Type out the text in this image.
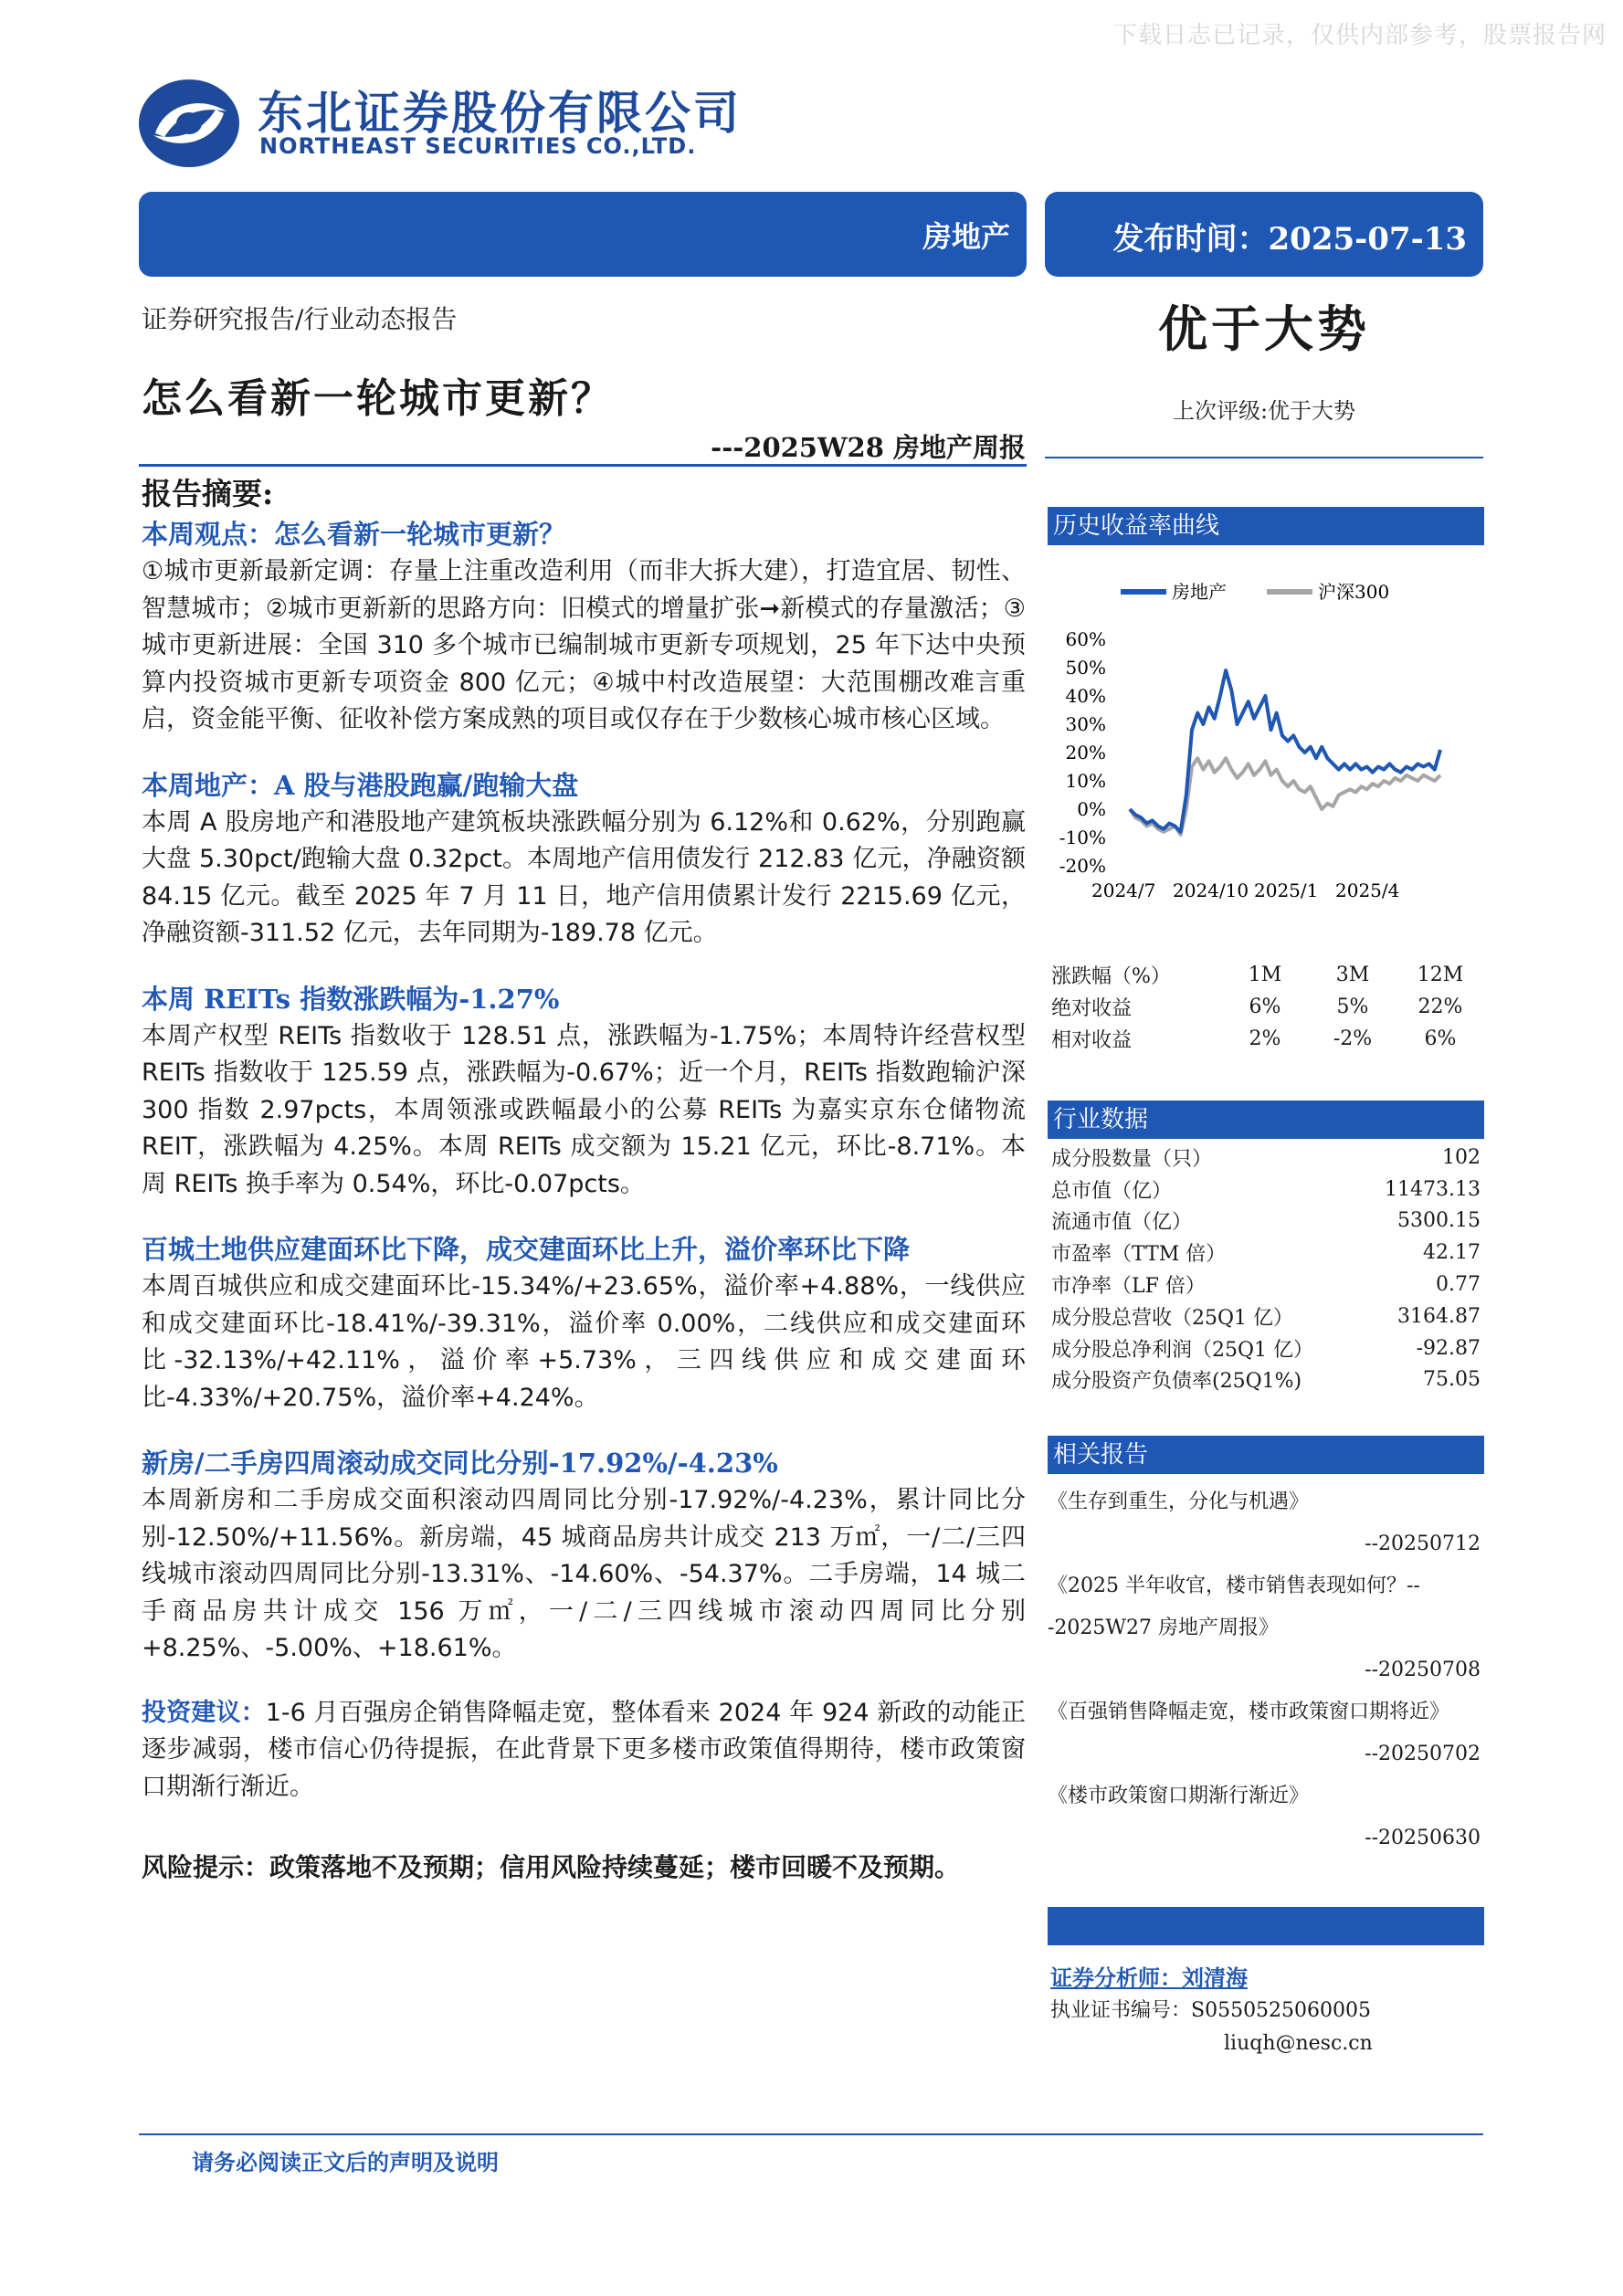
下载日志已记录，仅供内部参考，股票报告网
东北证券股份有限公司
NORTHEAST SECURITIES CO.,LTD.
房地产	发布时间：2025-07-13
证券研究报告/行业动态报告
怎么看新一轮城市更新？
---2025W28 房地产周报
优于大势
上次评级:优于大势
报告摘要:
本周观点：怎么看新一轮城市更新？
①城市更新最新定调：存量上注重改造利用（而非大拆大建），打造宜居、韧性、智慧城市；②城市更新新的思路方向：旧模式的增量扩张➞新模式的存量激活；③城市更新进展：全国 310 多个城市已编制城市更新专项规划，25 年下达中央预算内投资城市更新专项资金 800 亿元；④城中村改造展望：大范围棚改难言重启，资金能平衡、征收补偿方案成熟的项目或仅存在于少数核心城市核心区域。
本周地产：A 股与港股跑赢/跑输大盘
本周 A 股房地产和港股地产建筑板块涨跌幅分别为 6.12%和 0.62%，分别跑赢大盘 5.30pct/跑输大盘 0.32pct。本周地产信用债发行 212.83 亿元，净融资额 84.15 亿元。截至 2025 年 7 月 11 日，地产信用债累计发行 2215.69 亿元，净融资额-311.52 亿元，去年同期为-189.78 亿元。
本周 REITs 指数涨跌幅为-1.27%
本周产权型 REITs 指数收于 128.51 点，涨跌幅为-1.75%；本周特许经营权型 REITs 指数收于 125.59 点，涨跌幅为-0.67%；近一个月，REITs 指数跑输沪深 300 指数 2.97pcts，本周领涨或跌幅最小的公募 REITs 为嘉实京东仓储物流 REIT，涨跌幅为 4.25%。本周 REITs 成交额为 15.21 亿元，环比-8.71%。本周 REITs 换手率为 0.54%，环比-0.07pcts。
百城土地供应建面环比下降，成交建面环比上升，溢价率环比下降
本周百城供应和成交建面环比-15.34%/+23.65%，溢价率+4.88%，一线供应和成交建面环比-18.41%/-39.31%，溢价率 0.00%，二线供应和成交建面环比-32.13%/+42.11%，溢价率+5.73%，三四线供应和成交建面环比-4.33%/+20.75%，溢价率+4.24%。
新房/二手房四周滚动成交同比分别-17.92%/-4.23%
本周新房和二手房成交面积滚动四周同比分别-17.92%/-4.23%，累计同比分别-12.50%/+11.56%。新房端，45 城商品房共计成交 213 万㎡，一/二/三四线城市滚动四周同比分别-13.31%、-14.60%、-54.37%。二手房端，14 城二手商品房共计成交 156 万㎡，一/二/三四线城市滚动四周同比分别+8.25%、-5.00%、+18.61%。
投资建议：1-6 月百强房企销售降幅走宽，整体看来 2024 年 924 新政的动能正逐步减弱，楼市信心仍待提振，在此背景下更多楼市政策值得期待，楼市政策窗口期渐行渐近。
风险提示：政策落地不及预期；信用风险持续蔓延；楼市回暖不及预期。
历史收益率曲线
房地产	沪深300
60%
50%
40%
30%
20%
10%
0%
-10%
-20%
2024/7 2024/10 2025/1 2025/4
涨跌幅（%）	1M	3M	12M
绝对收益	6%	5%	22%
相对收益	2%	-2%	6%
行业数据
成分股数量（只）	102
总市值（亿）	11473.13
流通市值（亿）	5300.15
市盈率（TTM 倍）	42.17
市净率（LF 倍）	0.77
成分股总营收（25Q1 亿）	3164.87
成分股总净利润（25Q1 亿）	-92.87
成分股资产负债率(25Q1%)	75.05
相关报告
《生存到重生，分化与机遇》
--20250712
《2025 半年收官，楼市销售表现如何？---2025W27 房地产周报》
--20250708
《百强销售降幅走宽，楼市政策窗口期将近》
--20250702
《楼市政策窗口期渐行渐近》
--20250630
证券分析师：刘清海
执业证书编号：S0550525060005
liuqh@nesc.cn
请务必阅读正文后的声明及说明
